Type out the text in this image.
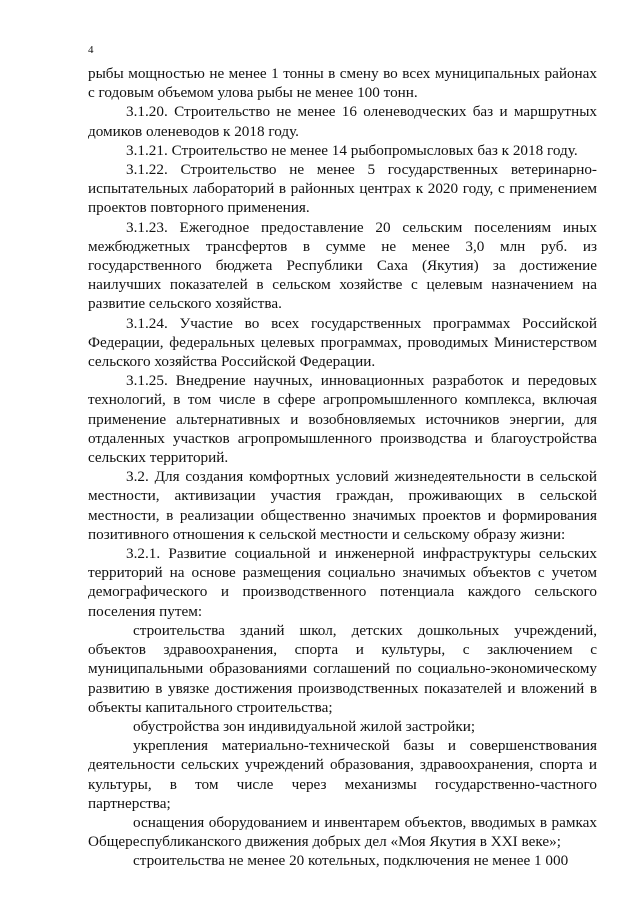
4

рыбы мощностью не менее 1 тонны в смену во всех муниципальных районах с годовым объемом улова рыбы не менее 100 тонн.

3.1.20. Строительство не менее 16 оленеводческих баз и маршрутных домиков оленеводов к 2018 году.

3.1.21. Строительство не менее 14 рыбопромысловых баз к 2018 году.

3.1.22. Строительство не менее 5 государственных ветеринарно-испытательных лабораторий в районных центрах к 2020 году, с применением проектов повторного применения.

3.1.23. Ежегодное предоставление 20 сельским поселениям иных межбюджетных трансфертов в сумме не менее 3,0 млн руб. из государственного бюджета Республики Саха (Якутия) за достижение наилучших показателей в сельском хозяйстве с целевым назначением на развитие сельского хозяйства.

3.1.24. Участие во всех государственных программах Российской Федерации, федеральных целевых программах, проводимых Министерством сельского хозяйства Российской Федерации.

3.1.25. Внедрение научных, инновационных разработок и передовых технологий, в том числе в сфере агропромышленного комплекса, включая применение альтернативных и возобновляемых источников энергии, для отдаленных участков агропромышленного производства и благоустройства сельских территорий.

3.2. Для создания комфортных условий жизнедеятельности в сельской местности, активизации участия граждан, проживающих в сельской местности, в реализации общественно значимых проектов и формирования позитивного отношения к сельской местности и сельскому образу жизни:

3.2.1. Развитие социальной и инженерной инфраструктуры сельских территорий на основе размещения социально значимых объектов с учетом демографического и производственного потенциала каждого сельского поселения путем:

строительства зданий школ, детских дошкольных учреждений, объектов здравоохранения, спорта и культуры, с заключением с муниципальными образованиями соглашений по социально-экономическому развитию в увязке достижения производственных показателей и вложений в объекты капитального строительства;

обустройства зон индивидуальной жилой застройки;

укрепления материально-технической базы и совершенствования деятельности сельских учреждений образования, здравоохранения, спорта и культуры, в том числе через механизмы государственно-частного партнерства;

оснащения оборудованием и инвентарем объектов, вводимых в рамках Общереспубликанского движения добрых дел «Моя Якутия в XXI веке»;

строительства не менее 20 котельных, подключения не менее 1 000
